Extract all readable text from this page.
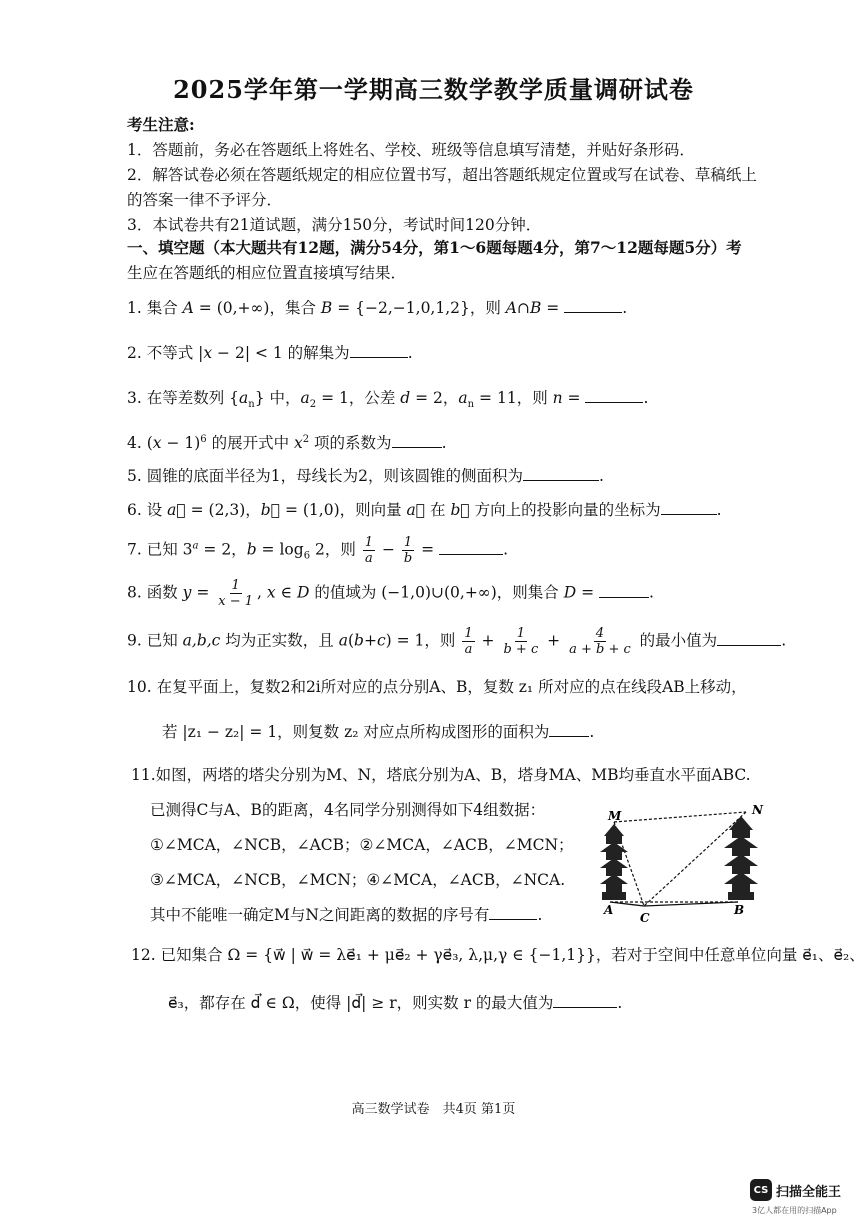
2025学年第一学期高三数学教学质量调研试卷
考生注意:
1．答题前，务必在答题纸上将姓名、学校、班级等信息填写清楚，并贴好条形码．
2．解答试卷必须在答题纸规定的相应位置书写，超出答题纸规定位置或写在试卷、草稿纸上
的答案一律不予评分．
3．本试卷共有21道试题，满分150分，考试时间120分钟．
一、填空题（本大题共有12题，满分54分，第1～6题每题4分，第7～12题每题5分）考
生应在答题纸的相应位置直接填写结果．
1. 集合 A = (0,+∞)，集合 B = {−2,−1,0,1,2}，则 A∩B =	.
2. 不等式 |x − 2| < 1 的解集为	.
3. 在等差数列 $\{a_n\}$ 中，$a_2 = 1$，公差 d = 2，$a_n = 11$，则 n =	.
4. $(x - 1)^6$ 的展开式中 $x^2$ 项的系数为	.
5. 圆锥的底面半径为1，母线长为2，则该圆锥的侧面积为	.
6. 设 a⃗ = (2,3)，b⃗ = (1,0)，则向量 a⃗ 在 b⃗ 方向上的投影向量的坐标为	.
7. 已知 $3^a = 2$，$b = \log_6 2$，则 $\frac{1}{a} - \frac{1}{b}$ =	.
8. 函数 $y = \frac{1}{x - 1}$ , x ∈ D 的值域为 (−1,0)∪(0,+∞)，则集合 D =	.
9. 已知 a,b,c 均为正实数，且 a(b+c) = 1，则 $\frac{1}{a} + \frac{1}{b + c} + \frac{4}{a + b + c}$ 的最小值为	.
10. 在复平面上，复数2和2i所对应的点分别A、B，复数 z₁ 所对应的点在线段AB上移动，
若 |z₁ − z₂| = 1，则复数 z₂ 对应点所构成图形的面积为	.
11.如图，两塔的塔尖分别为M、N，塔底分别为A、B，塔身MA、MB均垂直水平面ABC.
已测得C与A、B的距离，4名同学分别测得如下4组数据：
①∠MCA，∠NCB，∠ACB；②∠MCA，∠ACB，∠MCN；
③∠MCA，∠NCB，∠MCN；④∠MCA，∠ACB，∠NCA.
其中不能唯一确定M与N之间距离的数据的序号有	.
M	N
A
C
B
12. 已知集合 Ω = {w⃗ | w⃗ = λe⃗₁ + μe⃗₂ + γe⃗₃, λ,μ,γ ∈ {−1,1}}，若对于空间中任意单位向量 e⃗₁、e⃗₂、
e⃗₃，都存在 d⃗ ∈ Ω，使得 |d⃗| ≥ r，则实数 r 的最大值为	.
高三数学试卷　共4页 第1页
CS 扫描全能王
3亿人都在用的扫描App
